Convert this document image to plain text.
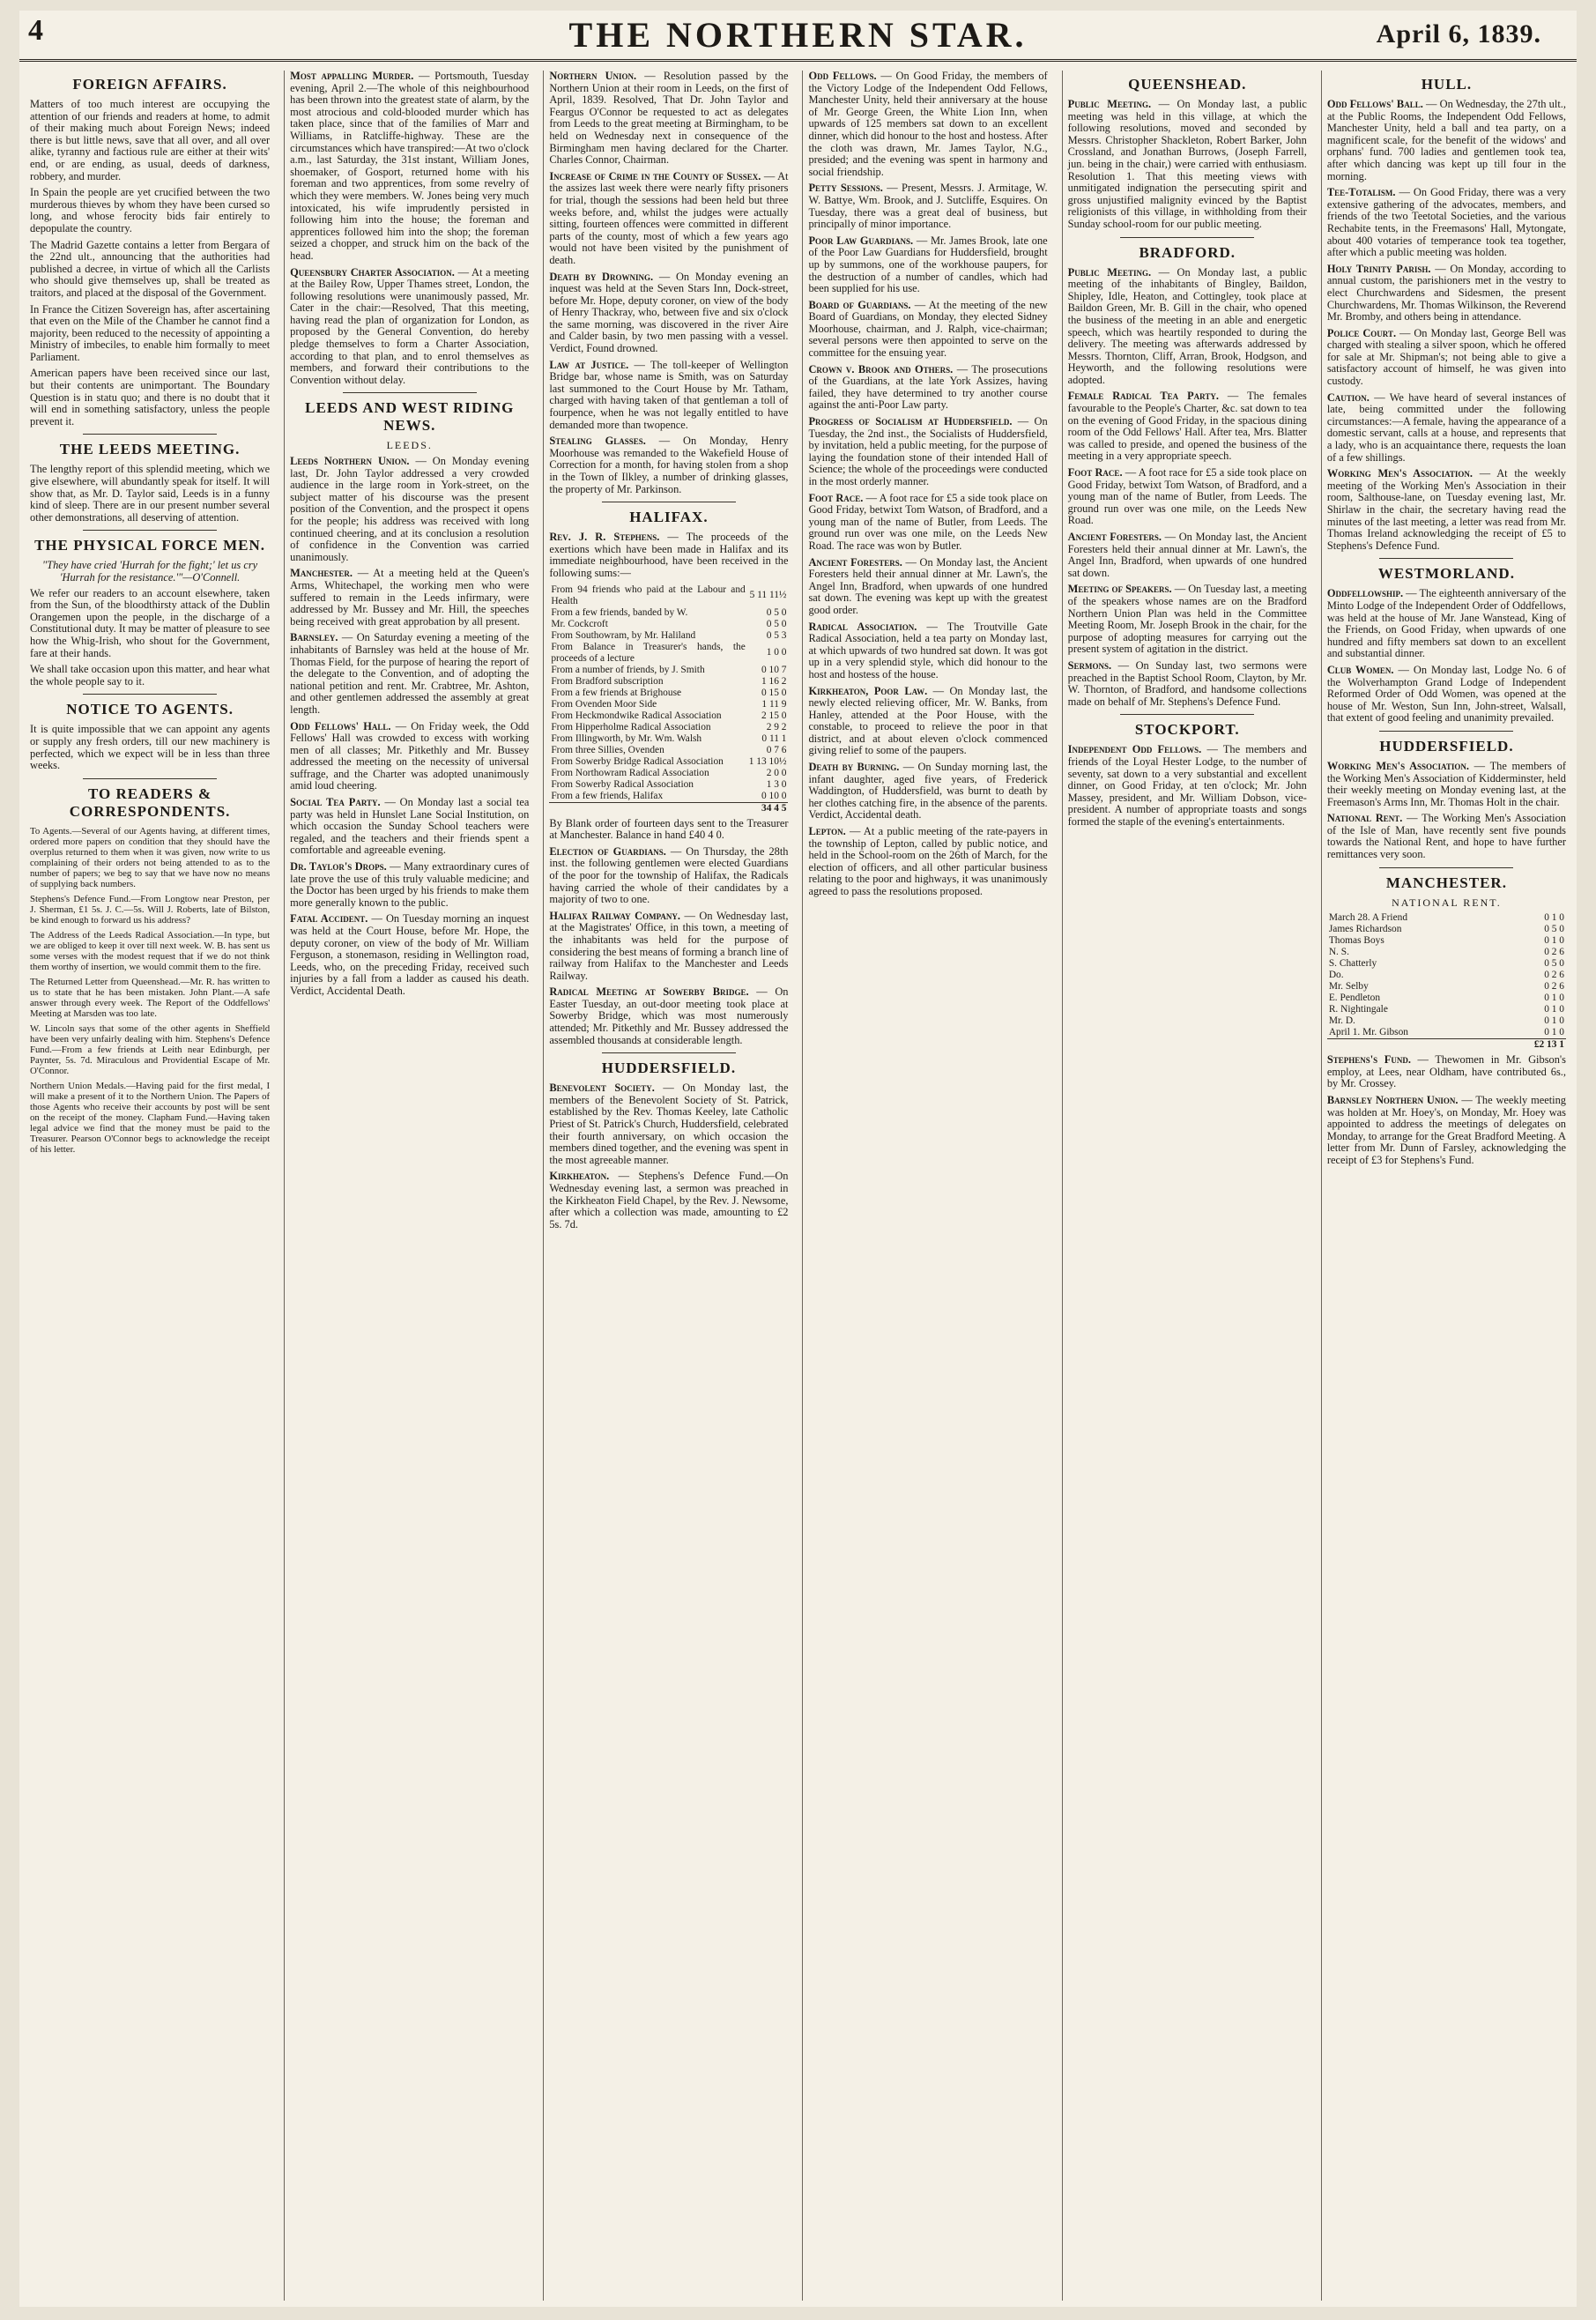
4	THE NORTHERN STAR.	April 6, 1839.
FOREIGN AFFAIRS.

Matters of too much interest are occupying the attention of our friends and readers at home, to admit of their making much about Foreign News; indeed there is but little news, save that all over, and all over alike, tyranny and factious rule are either at their wits' end, or are ending, as usual, deeds of darkness, robbery, and murder.

In Spain the people are yet crucified between the two murderous thieves by whom they have been cursed so long, and whose ferocity bids fair entirely to depopulate the country.

The Madrid Gazette contains a letter from Bergara of the 22nd ult., announcing that the authorities had published a decree, in virtue of which all the Carlists who should give themselves up, shall be treated as traitors, and placed at the disposal of the Government.

In France the Citizen Sovereign has, after ascertaining that even on the Mile of the Chamber he cannot find a majority, been reduced to the necessity of appointing a Ministry of imbeciles, to enable him formally to meet Parliament.

American papers have been received since our last, but their contents are unimportant. The Boundary Question is in statu quo; and there is no doubt that it will end in something satisfactory, unless the people prevent it.

THE LEEDS MEETING.

The lengthy report of this splendid meeting, which we give elsewhere, will abundantly speak for itself. It will show that, as Mr. D. Taylor said, Leeds is in a funny kind of sleep. There are in our present number several other demonstrations, all deserving of attention.

THE PHYSICAL FORCE MEN.
"They have cried 'Hurrah for the fight;' let us cry 'Hurrah for the resistance.'"—O'Connell.

We refer our readers to an account elsewhere, taken from the Sun, of the bloodthirsty attack of the Dublin Orangemen upon the people, in the discharge of a Constitutional duty. It may be matter of pleasure to see how the Whig-Irish, who shout for the Government, fare at their hands.

We shall take occasion upon this matter, and hear what the whole people say to it.

NOTICE TO AGENTS.

It is quite impossible that we can appoint any agents or supply any fresh orders, till our new machinery is perfected, which we expect will be in less than three weeks.

TO READERS & CORRESPONDENTS.

To Agents.—Several of our Agents having, at different times, ordered more papers on condition that they should have the overplus returned to them when it was given, now write to us complaining of their orders not being attended to as to the number of papers; we beg to say that we have now no means of supplying back numbers.

Stephens's Defence Fund.—From Longtow near Preston, per J. Sherman, £1 5s. J. C.—5s. Will J. Roberts, late of Bilston, be kind enough to forward us his address?

The Address of the Leeds Radical Association.—In type, but we are obliged to keep it over till next week. W. B. has sent us some verses with the modest request that if we do not think them worthy of insertion, we would commit them to the fire.

The Returned Letter from Queenshead.—Mr. R. has written to us to state that he has been mistaken. John Plant.—A safe answer through every week. The Report of the Oddfellows' Meeting at Marsden was too late.

W. Lincoln says that some of the other agents in Sheffield have been very unfairly dealing with him. Stephens's Defence Fund.—From a few friends at Leith near Edinburgh, per Paynter, 5s. 7d. Miraculous and Providential Escape of Mr. O'Connor.

Northern Union Medals.—Having paid for the first medal, I will make a present of it to the Northern Union. The Papers of those Agents who receive their accounts by post will be sent on the receipt of the money. Clapham Fund.—Having taken legal advice we find that the money must be paid to the Treasurer. Pearson O'Connor begs to acknowledge the receipt of his letter.

Most appalling Murder. — Portsmouth, Tuesday evening, April 2.—The whole of this neighbourhood has been thrown into the greatest state of alarm, by the most atrocious and cold-blooded murder which has taken place, since that of the families of Marr and Williams, in Ratcliffe-highway. These are the circumstances which have transpired:—At two o'clock a.m., last Saturday, the 31st instant, William Jones, shoemaker, of Gosport, returned home with his foreman and two apprentices, from some revelry of which they were members. W. Jones being very much intoxicated, his wife imprudently persisted in following him into the house; the foreman and apprentices followed him into the shop; the foreman seized a chopper, and struck him on the back of the head.

Queensbury Charter Association. — At a meeting at the Bailey Row, Upper Thames street, London, the following resolutions were unanimously passed, Mr. Cater in the chair:—Resolved, That this meeting, having read the plan of organization for London, as proposed by the General Convention, do hereby pledge themselves to form a Charter Association, according to that plan, and to enrol themselves as members, and forward their contributions to the Convention without delay.

LEEDS AND WEST RIDING NEWS.
LEEDS.

Leeds Northern Union. — On Monday evening last, Dr. John Taylor addressed a very crowded audience in the large room in York-street, on the subject matter of his discourse was the present position of the Convention, and the prospect it opens for the people; his address was received with long continued cheering, and at its conclusion a resolution of confidence in the Convention was carried unanimously.

Manchester. — At a meeting held at the Queen's Arms, Whitechapel, the working men who were suffered to remain in the Leeds infirmary, were addressed by Mr. Bussey and Mr. Hill, the speeches being received with great approbation by all present.

Barnsley. — On Saturday evening a meeting of the inhabitants of Barnsley was held at the house of Mr. Thomas Field, for the purpose of hearing the report of the delegate to the Convention, and of adopting the national petition and rent. Mr. Crabtree, Mr. Ashton, and other gentlemen addressed the assembly at great length.

Odd Fellows' Hall. — On Friday week, the Odd Fellows' Hall was crowded to excess with working men of all classes; Mr. Pitkethly and Mr. Bussey addressed the meeting on the necessity of universal suffrage, and the Charter was adopted unanimously amid loud cheering.

Social Tea Party. — On Monday last a social tea party was held in Hunslet Lane Social Institution, on which occasion the Sunday School teachers were regaled, and the teachers and their friends spent a comfortable and agreeable evening.

Dr. Taylor's Drops. — Many extraordinary cures of late prove the use of this truly valuable medicine; and the Doctor has been urged by his friends to make them more generally known to the public.

Fatal Accident. — On Tuesday morning an inquest was held at the Court House, before Mr. Hope, the deputy coroner, on view of the body of Mr. William Ferguson, a stonemason, residing in Wellington road, Leeds, who, on the preceding Friday, received such injuries by a fall from a ladder as caused his death. Verdict, Accidental Death.

Northern Union. — Resolution passed by the Northern Union at their room in Leeds, on the first of April, 1839. Resolved, That Dr. John Taylor and Feargus O'Connor be requested to act as delegates from Leeds to the great meeting at Birmingham, to be held on Wednesday next in consequence of the Birmingham men having declared for the Charter. Charles Connor, Chairman.

Increase of Crime in the County of Sussex. — At the assizes last week there were nearly fifty prisoners for trial, though the sessions had been held but three weeks before, and, whilst the judges were actually sitting, fourteen offences were committed in different parts of the county, most of which a few years ago would not have been visited by the punishment of death.

Death by Drowning. — On Monday evening an inquest was held at the Seven Stars Inn, Dock-street, before Mr. Hope, deputy coroner, on view of the body of Henry Thackray, who, between five and six o'clock the same morning, was discovered in the river Aire and Calder basin, by two men passing with a vessel. Verdict, Found drowned.

Law at Justice. — The toll-keeper of Wellington Bridge bar, whose name is Smith, was on Saturday last summoned to the Court House by Mr. Tatham, charged with having taken of that gentleman a toll of fourpence, when he was not legally entitled to have demanded more than twopence.

Stealing Glasses. — On Monday, Henry Moorhouse was remanded to the Wakefield House of Correction for a month, for having stolen from a shop in the Town of Ilkley, a number of drinking glasses, the property of Mr. Parkinson.

HALIFAX.

Rev. J. R. Stephens. — The proceeds of the exertions which have been made in Halifax and its immediate neighbourhood, have been received in the following sums:—

From 94 friends who paid at the Labour and Health	5 11 11½
From a few friends, banded by W.	0 5 0
Mr. Cockcroft	0 5 0
From Southowram, by Mr. Haliland	0 5 3
From Balance in Treasurer's hands, the proceeds of a lecture	1 0 0
From a number of friends, by J. Smith	0 10 7
From Bradford subscription	1 16 2
From a few friends at Brighouse	0 15 0
From Ovenden Moor Side	1 11 9
From Heckmondwike Radical Association	2 15 0
From Hipperholme Radical Association	2 9 2
From Illingworth, by Mr. Wm. Walsh	0 11 1
From three Sillies, Ovenden	0 7 6
From Sowerby Bridge Radical Association	1 13 10½
From Northowram Radical Association	2 0 0
From Sowerby Radical Association	1 3 0
From a few friends, Halifax	0 10 0
	34 4 5

By Blank order of fourteen days sent to the Treasurer at Manchester. Balance in hand £40 4 0.

Election of Guardians. — On Thursday, the 28th inst. the following gentlemen were elected Guardians of the poor for the township of Halifax, the Radicals having carried the whole of their candidates by a majority of two to one.

Halifax Railway Company. — On Wednesday last, at the Magistrates' Office, in this town, a meeting of the inhabitants was held for the purpose of considering the best means of forming a branch line of railway from Halifax to the Manchester and Leeds Railway.

Radical Meeting at Sowerby Bridge. — On Easter Tuesday, an out-door meeting took place at Sowerby Bridge, which was most numerously attended; Mr. Pitkethly and Mr. Bussey addressed the assembled thousands at considerable length.

HUDDERSFIELD.

Benevolent Society. — On Monday last, the members of the Benevolent Society of St. Patrick, established by the Rev. Thomas Keeley, late Catholic Priest of St. Patrick's Church, Huddersfield, celebrated their fourth anniversary, on which occasion the members dined together, and the evening was spent in the most agreeable manner.

Kirkheaton. — Stephens's Defence Fund.—On Wednesday evening last, a sermon was preached in the Kirkheaton Field Chapel, by the Rev. J. Newsome, after which a collection was made, amounting to £2 5s. 7d.

Odd Fellows. — On Good Friday, the members of the Victory Lodge of the Independent Odd Fellows, Manchester Unity, held their anniversary at the house of Mr. George Green, the White Lion Inn, when upwards of 125 members sat down to an excellent dinner, which did honour to the host and hostess. After the cloth was drawn, Mr. James Taylor, N.G., presided; and the evening was spent in harmony and social friendship.

Petty Sessions. — Present, Messrs. J. Armitage, W. W. Battye, Wm. Brook, and J. Sutcliffe, Esquires. On Tuesday, there was a great deal of business, but principally of minor importance.

Poor Law Guardians. — Mr. James Brook, late one of the Poor Law Guardians for Huddersfield, brought up by summons, one of the workhouse paupers, for the destruction of a number of candles, which had been supplied for his use.

Board of Guardians. — At the meeting of the new Board of Guardians, on Monday, they elected Sidney Moorhouse, chairman, and J. Ralph, vice-chairman; several persons were then appointed to serve on the committee for the ensuing year.

Crown v. Brook and Others. — The prosecutions of the Guardians, at the late York Assizes, having failed, they have determined to try another course against the anti-Poor Law party.

Progress of Socialism at Huddersfield. — On Tuesday, the 2nd inst., the Socialists of Huddersfield, by invitation, held a public meeting, for the purpose of laying the foundation stone of their intended Hall of Science; the whole of the proceedings were conducted in the most orderly manner.

Foot Race. — A foot race for £5 a side took place on Good Friday, betwixt Tom Watson, of Bradford, and a young man of the name of Butler, from Leeds. The ground run over was one mile, on the Leeds New Road. The race was won by Butler.

Ancient Foresters. — On Monday last, the Ancient Foresters held their annual dinner at Mr. Lawn's, the Angel Inn, Bradford, when upwards of one hundred sat down. The evening was kept up with the greatest good order.

Radical Association. — The Troutville Gate Radical Association, held a tea party on Monday last, at which upwards of two hundred sat down. It was got up in a very splendid style, which did honour to the host and hostess of the house.

Kirkheaton, Poor Law. — On Monday last, the newly elected relieving officer, Mr. W. Banks, from Hanley, attended at the Poor House, with the constable, to proceed to relieve the poor in that district, and at about eleven o'clock commenced giving relief to some of the paupers.

Death by Burning. — On Sunday morning last, the infant daughter, aged five years, of Frederick Waddington, of Huddersfield, was burnt to death by her clothes catching fire, in the absence of the parents. Verdict, Accidental death.

Lepton. — At a public meeting of the rate-payers in the township of Lepton, called by public notice, and held in the School-room on the 26th of March, for the election of officers, and all other particular business relating to the poor and highways, it was unanimously agreed to pass the resolutions proposed.

QUEENSHEAD.

Public Meeting. — On Monday last, a public meeting was held in this village, at which the following resolutions, moved and seconded by Messrs. Christopher Shackleton, Robert Barker, John Crossland, and Jonathan Burrows, (Joseph Farrell, jun. being in the chair,) were carried with enthusiasm. Resolution 1. That this meeting views with unmitigated indignation the persecuting spirit and gross unjustified malignity evinced by the Baptist religionists of this village, in withholding from their Sunday school-room for our public meeting.

BRADFORD.

Public Meeting. — On Monday last, a public meeting of the inhabitants of Bingley, Baildon, Shipley, Idle, Heaton, and Cottingley, took place at Baildon Green, Mr. B. Gill in the chair, who opened the business of the meeting in an able and energetic speech, which was heartily responded to during the delivery. The meeting was afterwards addressed by Messrs. Thornton, Cliff, Arran, Brook, Hodgson, and Heyworth, and the following resolutions were adopted.

Female Radical Tea Party. — The females favourable to the People's Charter, &c. sat down to tea on the evening of Good Friday, in the spacious dining room of the Odd Fellows' Hall. After tea, Mrs. Blatter was called to preside, and opened the business of the meeting in a very appropriate speech.

Foot Race. — A foot race for £5 a side took place on Good Friday, betwixt Tom Watson, of Bradford, and a young man of the name of Butler, from Leeds. The ground run over was one mile, on the Leeds New Road.

Ancient Foresters. — On Monday last, the Ancient Foresters held their annual dinner at Mr. Lawn's, the Angel Inn, Bradford, when upwards of one hundred sat down.

Meeting of Speakers. — On Tuesday last, a meeting of the speakers whose names are on the Bradford Northern Union Plan was held in the Committee Meeting Room, Mr. Joseph Brook in the chair, for the purpose of adopting measures for carrying out the present system of agitation in the district.

Sermons. — On Sunday last, two sermons were preached in the Baptist School Room, Clayton, by Mr. W. Thornton, of Bradford, and handsome collections made on behalf of Mr. Stephens's Defence Fund.

STOCKPORT.

Independent Odd Fellows. — The members and friends of the Loyal Hester Lodge, to the number of seventy, sat down to a very substantial and excellent dinner, on Good Friday, at ten o'clock; Mr. John Massey, president, and Mr. William Dobson, vice-president. A number of appropriate toasts and songs formed the staple of the evening's entertainments.

HULL.

Odd Fellows' Ball. — On Wednesday, the 27th ult., at the Public Rooms, the Independent Odd Fellows, Manchester Unity, held a ball and tea party, on a magnificent scale, for the benefit of the widows' and orphans' fund. 700 ladies and gentlemen took tea, after which dancing was kept up till four in the morning.

Tee-Totalism. — On Good Friday, there was a very extensive gathering of the advocates, members, and friends of the two Teetotal Societies, and the various Rechabite tents, in the Freemasons' Hall, Mytongate, about 400 votaries of temperance took tea together, after which a public meeting was holden.

Holy Trinity Parish. — On Monday, according to annual custom, the parishioners met in the vestry to elect Churchwardens and Sidesmen, the present Churchwardens, Mr. Thomas Wilkinson, the Reverend Mr. Bromby, and others being in attendance.

Police Court. — On Monday last, George Bell was charged with stealing a silver spoon, which he offered for sale at Mr. Shipman's; not being able to give a satisfactory account of himself, he was given into custody.

Caution. — We have heard of several instances of late, being committed under the following circumstances:—A female, having the appearance of a domestic servant, calls at a house, and represents that a lady, who is an acquaintance there, requests the loan of a few shillings.

Working Men's Association. — At the weekly meeting of the Working Men's Association in their room, Salthouse-lane, on Tuesday evening last, Mr. Shirlaw in the chair, the secretary having read the minutes of the last meeting, a letter was read from Mr. Thomas Ireland acknowledging the receipt of £5 to Stephens's Defence Fund.

WESTMORLAND.

Oddfellowship. — The eighteenth anniversary of the Minto Lodge of the Independent Order of Oddfellows, was held at the house of Mr. Jane Wanstead, King of the Friends, on Good Friday, when upwards of one hundred and fifty members sat down to an excellent and substantial dinner.

Club Women. — On Monday last, Lodge No. 6 of the Wolverhampton Grand Lodge of Independent Reformed Order of Odd Women, was opened at the house of Mr. Weston, Sun Inn, John-street, Walsall, that extent of good feeling and unanimity prevailed.

HUDDERSFIELD.

Working Men's Association. — The members of the Working Men's Association of Kidderminster, held their weekly meeting on Monday evening last, at the Freemason's Arms Inn, Mr. Thomas Holt in the chair.

National Rent. — The Working Men's Association of the Isle of Man, have recently sent five pounds towards the National Rent, and hope to have further remittances very soon.

MANCHESTER.
NATIONAL RENT.
March 28. A Friend	0 1 0
James Richardson	0 5 0
Thomas Boys	0 1 0
N. S.	0 2 6
S. Chatterly	0 5 0
Do.	0 2 6
Mr. Selby	0 2 6
E. Pendleton	0 1 0
R. Nightingale	0 1 0
Mr. D.	0 1 0
April 1. Mr. Gibson	0 1 0
	£2 13 1

Stephens's Fund. — Thewomen in Mr. Gibson's employ, at Lees, near Oldham, have contributed 6s., by Mr. Crossey.

Barnsley Northern Union. — The weekly meeting was holden at Mr. Hoey's, on Monday, Mr. Hoey was appointed to address the meetings of delegates on Monday, to arrange for the Great Bradford Meeting. A letter from Mr. Dunn of Farsley, acknowledging the receipt of £3 for Stephens's Fund.
